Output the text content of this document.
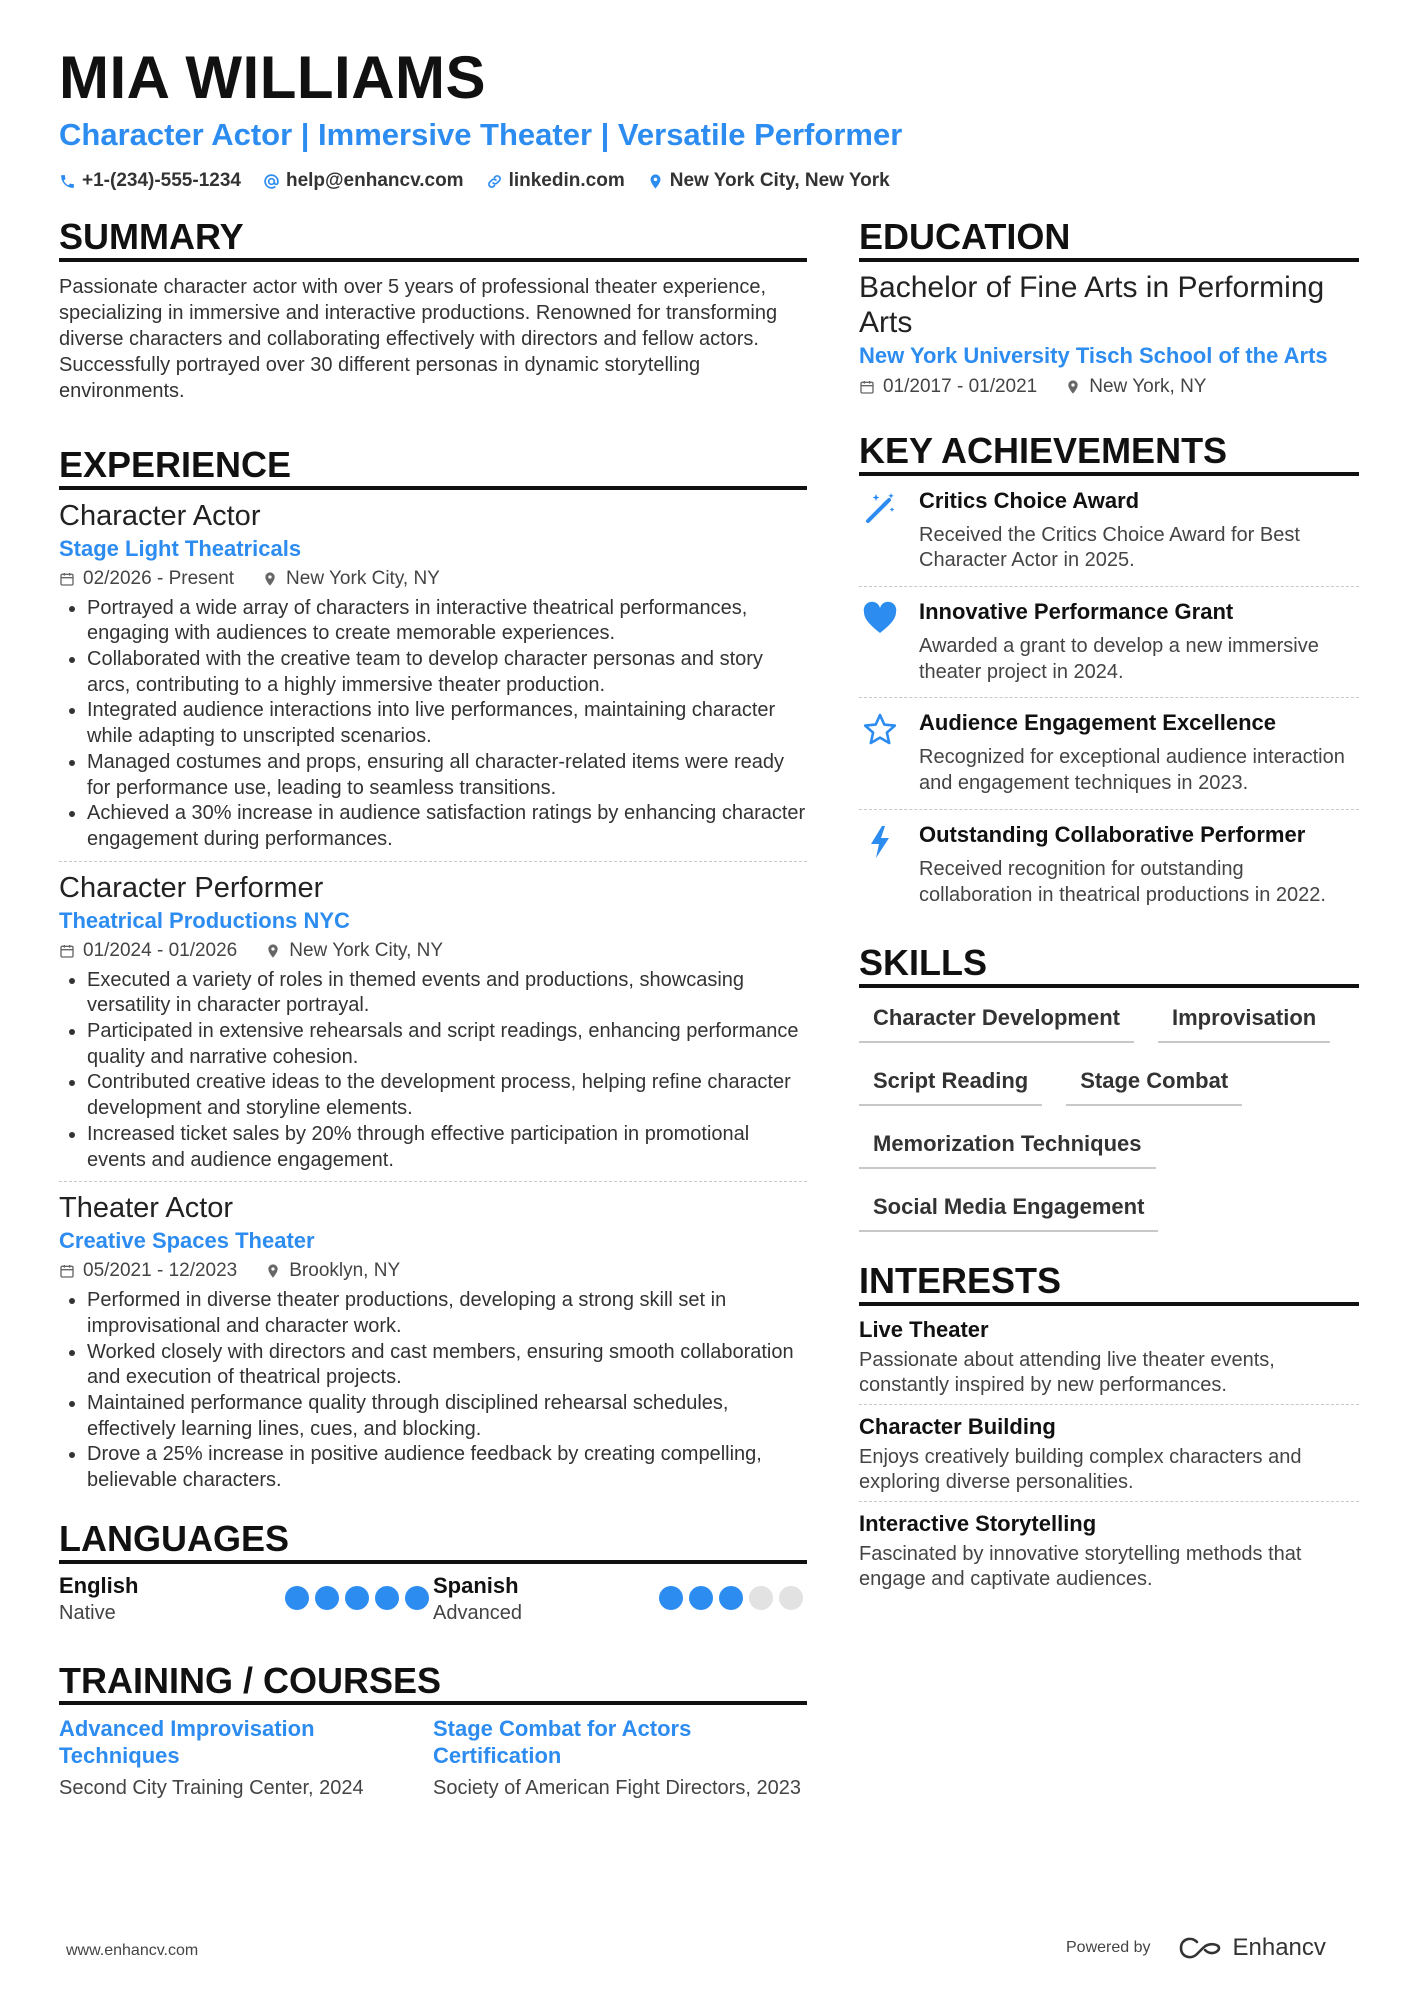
MIA WILLIAMS
Character Actor | Immersive Theater | Versatile Performer
+1-(234)-555-1234 help@enhancv.com linkedin.com New York City, New York
SUMMARY

Passionate character actor with over 5 years of professional theater experience, specializing in immersive and interactive productions. Renowned for transforming diverse characters and collaborating effectively with directors and fellow actors. Successfully portrayed over 30 different personas in dynamic storytelling environments.

EXPERIENCE
Character Actor
Stage Light Theatricals
02/2026 - Present	New York City, NY
• Portrayed a wide array of characters in interactive theatrical performances, engaging with audiences to create memorable experiences.
• Collaborated with the creative team to develop character personas and story arcs, contributing to a highly immersive theater production.
• Integrated audience interactions into live performances, maintaining character while adapting to unscripted scenarios.
• Managed costumes and props, ensuring all character-related items were ready for performance use, leading to seamless transitions.
• Achieved a 30% increase in audience satisfaction ratings by enhancing character engagement during performances.
Character Performer
Theatrical Productions NYC
01/2024 - 01/2026	New York City, NY
• Executed a variety of roles in themed events and productions, showcasing versatility in character portrayal.
• Participated in extensive rehearsals and script readings, enhancing performance quality and narrative cohesion.
• Contributed creative ideas to the development process, helping refine character development and storyline elements.
• Increased ticket sales by 20% through effective participation in promotional events and audience engagement.
Theater Actor
Creative Spaces Theater
05/2021 - 12/2023	Brooklyn, NY
• Performed in diverse theater productions, developing a strong skill set in improvisational and character work.
• Worked closely with directors and cast members, ensuring smooth collaboration and execution of theatrical projects.
• Maintained performance quality through disciplined rehearsal schedules, effectively learning lines, cues, and blocking.
• Drove a 25% increase in positive audience feedback by creating compelling, believable characters.
LANGUAGES
English
Native
Spanish
Advanced
TRAINING / COURSES
Advanced Improvisation Techniques
Second City Training Center, 2024
Stage Combat for Actors Certification
Society of American Fight Directors, 2023
EDUCATION
Bachelor of Fine Arts in Performing Arts
New York University Tisch School of the Arts
01/2017 - 01/2021	New York, NY
KEY ACHIEVEMENTS
Critics Choice Award
Received the Critics Choice Award for Best Character Actor in 2025.
Innovative Performance Grant
Awarded a grant to develop a new immersive theater project in 2024.
Audience Engagement Excellence
Recognized for exceptional audience interaction and engagement techniques in 2023.
Outstanding Collaborative Performer
Received recognition for outstanding collaboration in theatrical productions in 2022.
SKILLS
Character Development	Improvisation
Script Reading	Stage Combat
Memorization Techniques
Social Media Engagement
INTERESTS
Live Theater
Passionate about attending live theater events, constantly inspired by new performances.
Character Building
Enjoys creatively building complex characters and exploring diverse personalities.
Interactive Storytelling
Fascinated by innovative storytelling methods that engage and captivate audiences.
www.enhancv.com	Powered by	Enhancv
